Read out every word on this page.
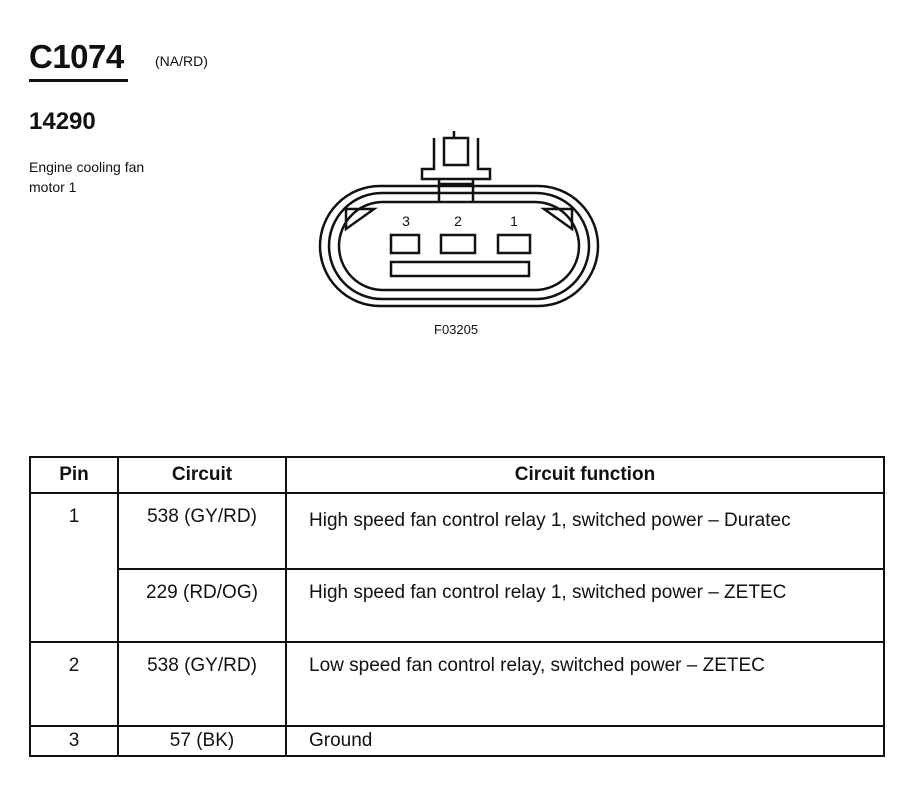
C1074 (NA/RD)
14290
Engine cooling fan
motor 1
3	2	1
F03205
Pin	Circuit	Circuit function
1	538 (GY/RD)	High speed fan control relay 1, switched power – Duratec
	229 (RD/OG)	High speed fan control relay 1, switched power – ZETEC
2	538 (GY/RD)	Low speed fan control relay, switched power – ZETEC
3	57 (BK)	Ground
